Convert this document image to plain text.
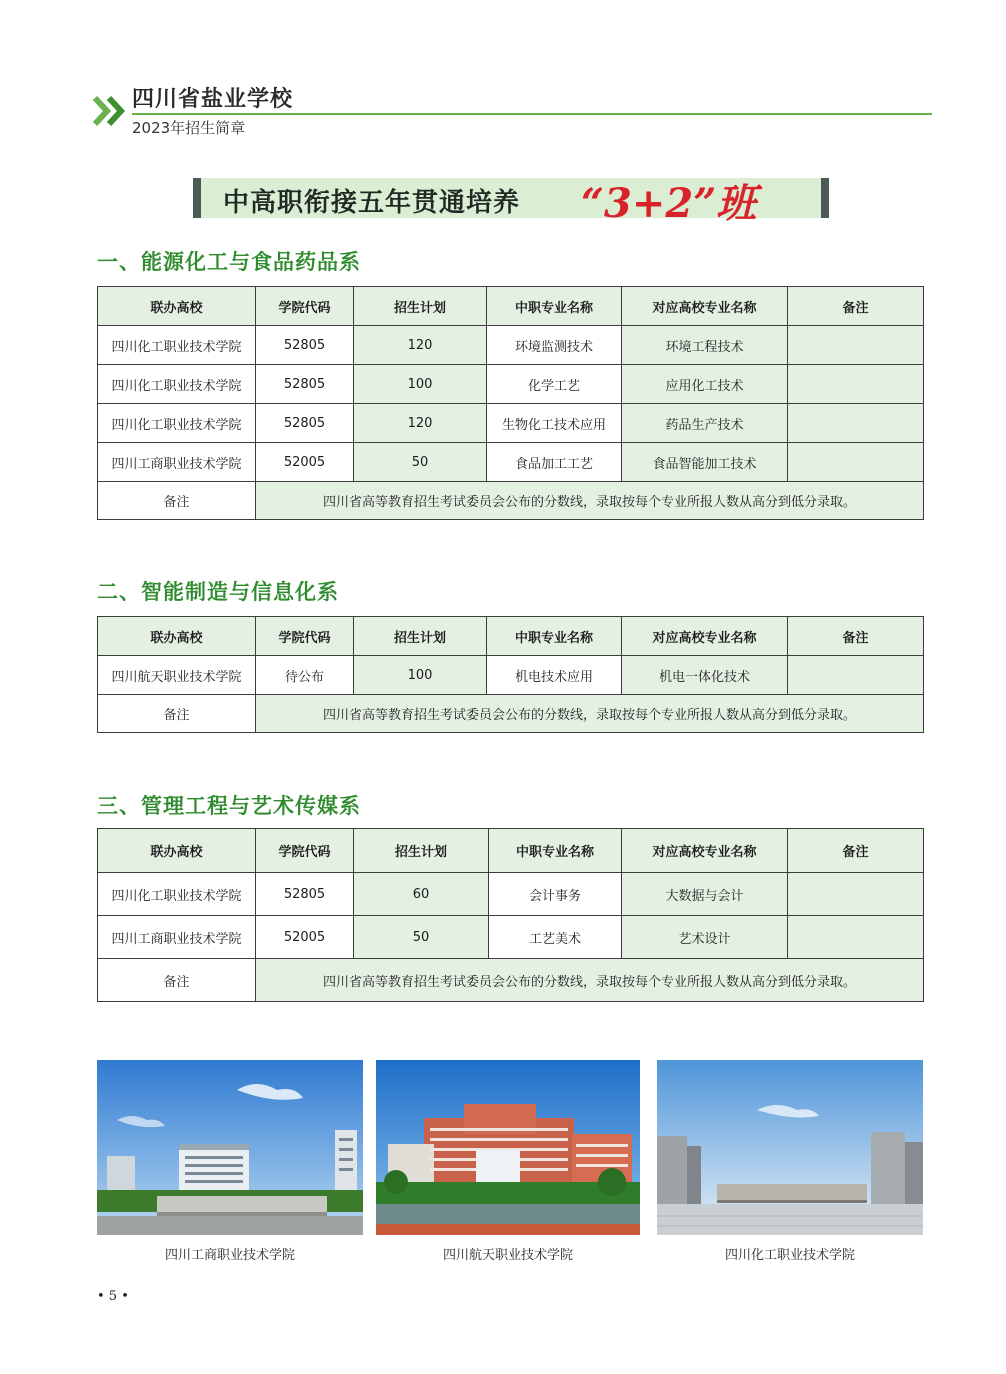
四川省盐业学校
2023年招生简章
中高职衔接五年贯通培养 “3+2”班
一、能源化工与食品药品系
联办高校	学院代码	招生计划	中职专业名称	对应高校专业名称	备注
四川化工职业技术学院	52805	120	环境监测技术	环境工程技术	
四川化工职业技术学院	52805	100	化学工艺	应用化工技术	
四川化工职业技术学院	52805	120	生物化工技术应用	药品生产技术	
四川工商职业技术学院	52005	50	食品加工工艺	食品智能加工技术	
备注	四川省高等教育招生考试委员会公布的分数线，录取按每个专业所报人数从高分到低分录取。				
二、智能制造与信息化系
联办高校	学院代码	招生计划	中职专业名称	对应高校专业名称	备注
四川航天职业技术学院	待公布	100	机电技术应用	机电一体化技术	
备注	四川省高等教育招生考试委员会公布的分数线，录取按每个专业所报人数从高分到低分录取。				
三、管理工程与艺术传媒系
联办高校	学院代码	招生计划	中职专业名称	对应高校专业名称	备注
四川化工职业技术学院	52805	60	会计事务	大数据与会计	
四川工商职业技术学院	52005	50	工艺美术	艺术设计	
备注	四川省高等教育招生考试委员会公布的分数线，录取按每个专业所报人数从高分到低分录取。				
四川工商职业技术学院	四川航天职业技术学院	四川化工职业技术学院
• 5 •
